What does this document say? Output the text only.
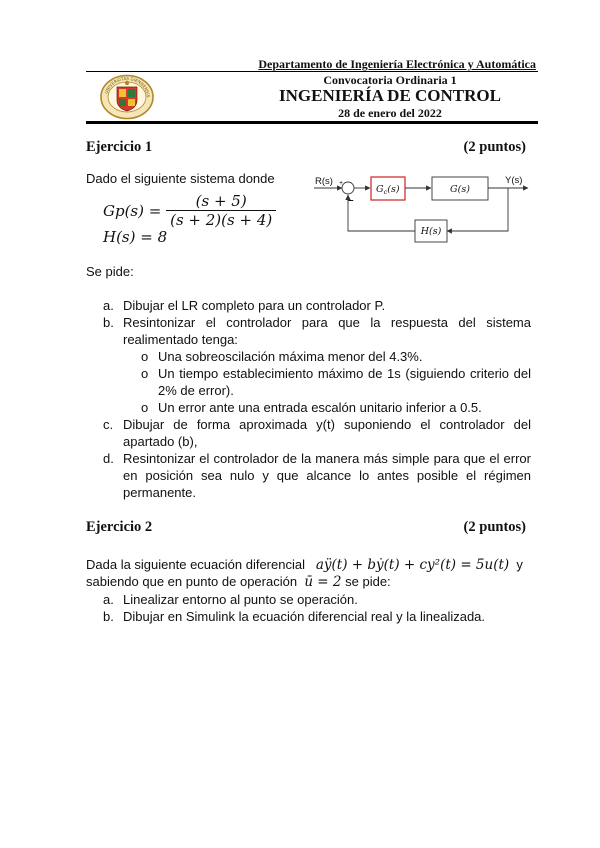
Departamento de Ingeniería Electrónica y Automática
UNIVERSITAS GIENNENSIS
Convocatoria Ordinaria 1
INGENIERÍA DE CONTROL
28 de enero del 2022
Ejercicio 1	(2 puntos)
Dado el siguiente sistema donde
$Gp(s) = \frac{(s + 5)}{(s + 2)(s + 4)}$
H(s) = 8
R(s)	Y(s)
+
–
$G_c(s)$	G(s)
H(s)
Se pide:
a. Dibujar el LR completo para un controlador P.
b. Resintonizar el controlador para que la respuesta del sistema realimentado tenga:
o Una sobreoscilación máxima menor del 4.3%.
o Un tiempo establecimiento máximo de 1s (siguiendo criterio del 2% de error).
o Un error ante una entrada escalón unitario inferior a 0.5.
c. Dibujar de forma aproximada y(t) suponiendo el controlador del apartado (b),
d. Resintonizar el controlador de la manera más simple para que el error en posición sea nulo y que alcance lo antes posible el régimen permanente.
Ejercicio 2	(2 puntos)
Dada la siguiente ecuación diferencial aÿ(t) + bẏ(t) + cy²(t) = 5u(t) y
sabiendo que en punto de operación ū = 2 se pide:
a. Linealizar entorno al punto se operación.
b. Dibujar en Simulink la ecuación diferencial real y la linealizada.
